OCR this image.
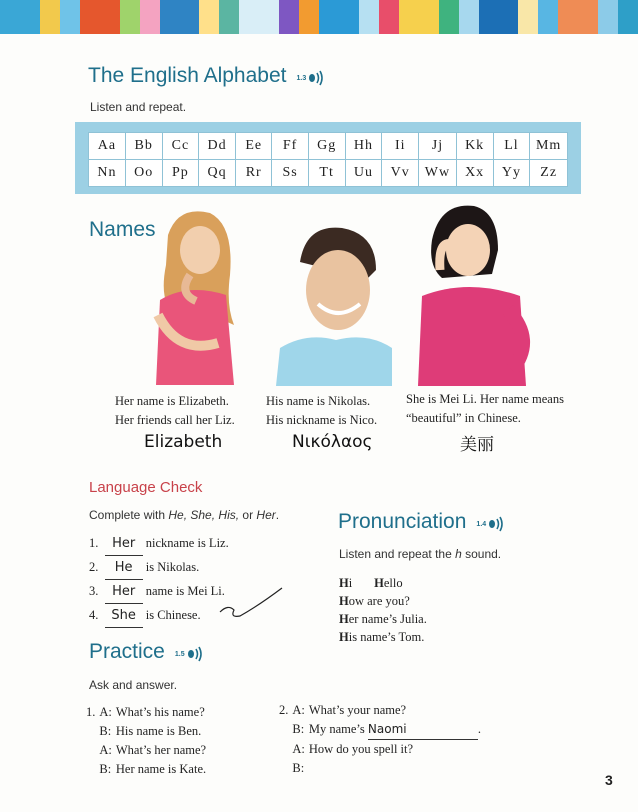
The English Alphabet 1.3
Listen and repeat.
Aa	Bb	Cc	Dd	Ee	Ff	Gg	Hh	Ii	Jj	Kk	Ll	Mm
Nn	Oo	Pp	Qq	Rr	Ss	Tt	Uu	Vv	Ww	Xx	Yy	Zz
Names
Her name is Elizabeth.
Her friends call her Liz.
His name is Nikolas.
His nickname is Nico.
She is Mei Li. Her name means
“beautiful” in Chinese.
Elizabeth	Νικόλαος	美丽
Language Check
Complete with He, She, His, or Her.
1. Her nickname is Liz.
2. He is Nikolas.
3. Her name is Mei Li.
4. She is Chinese.
Pronunciation 1.4
Listen and repeat the h sound.

Hi Hello

How are you?

Her name’s Julia.

His name’s Tom.

Practice 1.5
Ask and answer.
1.	A:	What’s his name?
	B:	His name is Ben.
	A:	What’s her name?
	B:	Her name is Kate.
2.	A:	What’s your name?
	B:	My name’s Naomi .
	A:	How do you spell it?
	B:	
3
